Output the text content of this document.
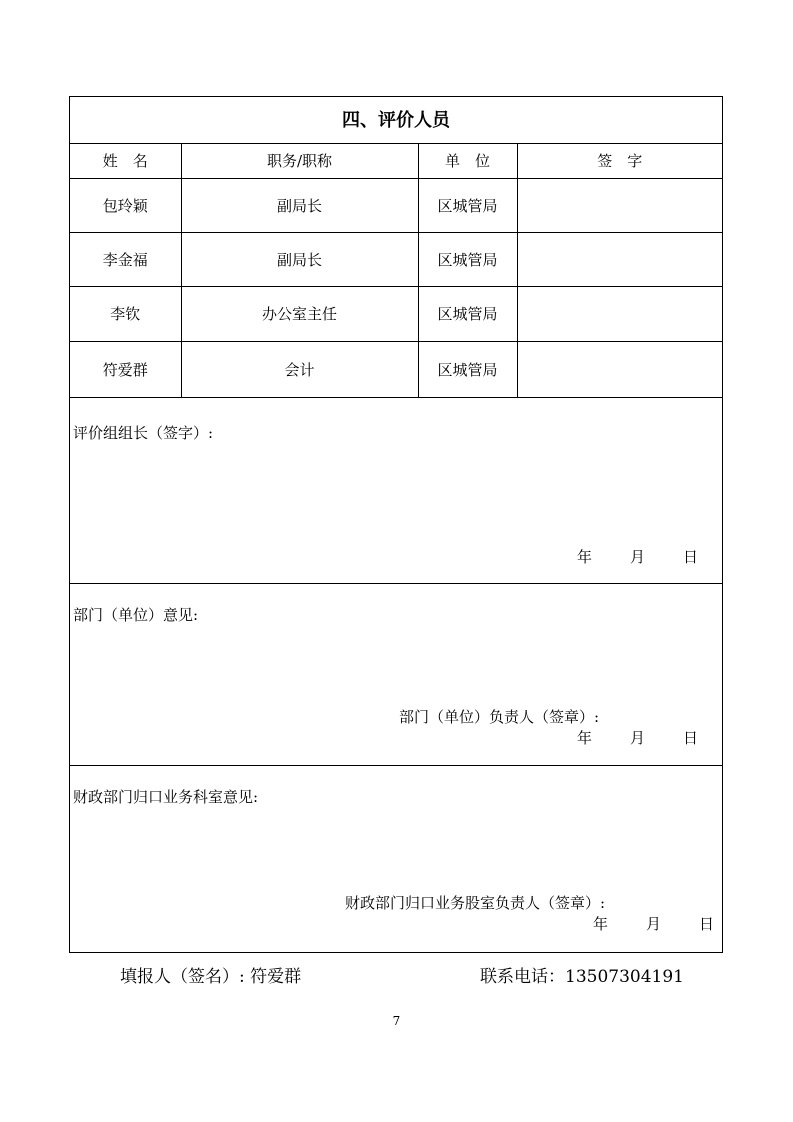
四、评价人员
姓　名	职务/职称	单　位	签　字
包玲颖	副局长	区城管局	
李金福	副局长	区城管局	
李钦	办公室主任	区城管局	
符爱群	会计	区城管局	
评价组组长（签字）:
年	月	日
部门（单位）意见:
部门（单位）负责人（签章）:
年	月	日
财政部门归口业务科室意见:
财政部门归口业务股室负责人（签章）:
年	月	日
填报人（签名）: 符爱群	联系电话：13507304191
7
